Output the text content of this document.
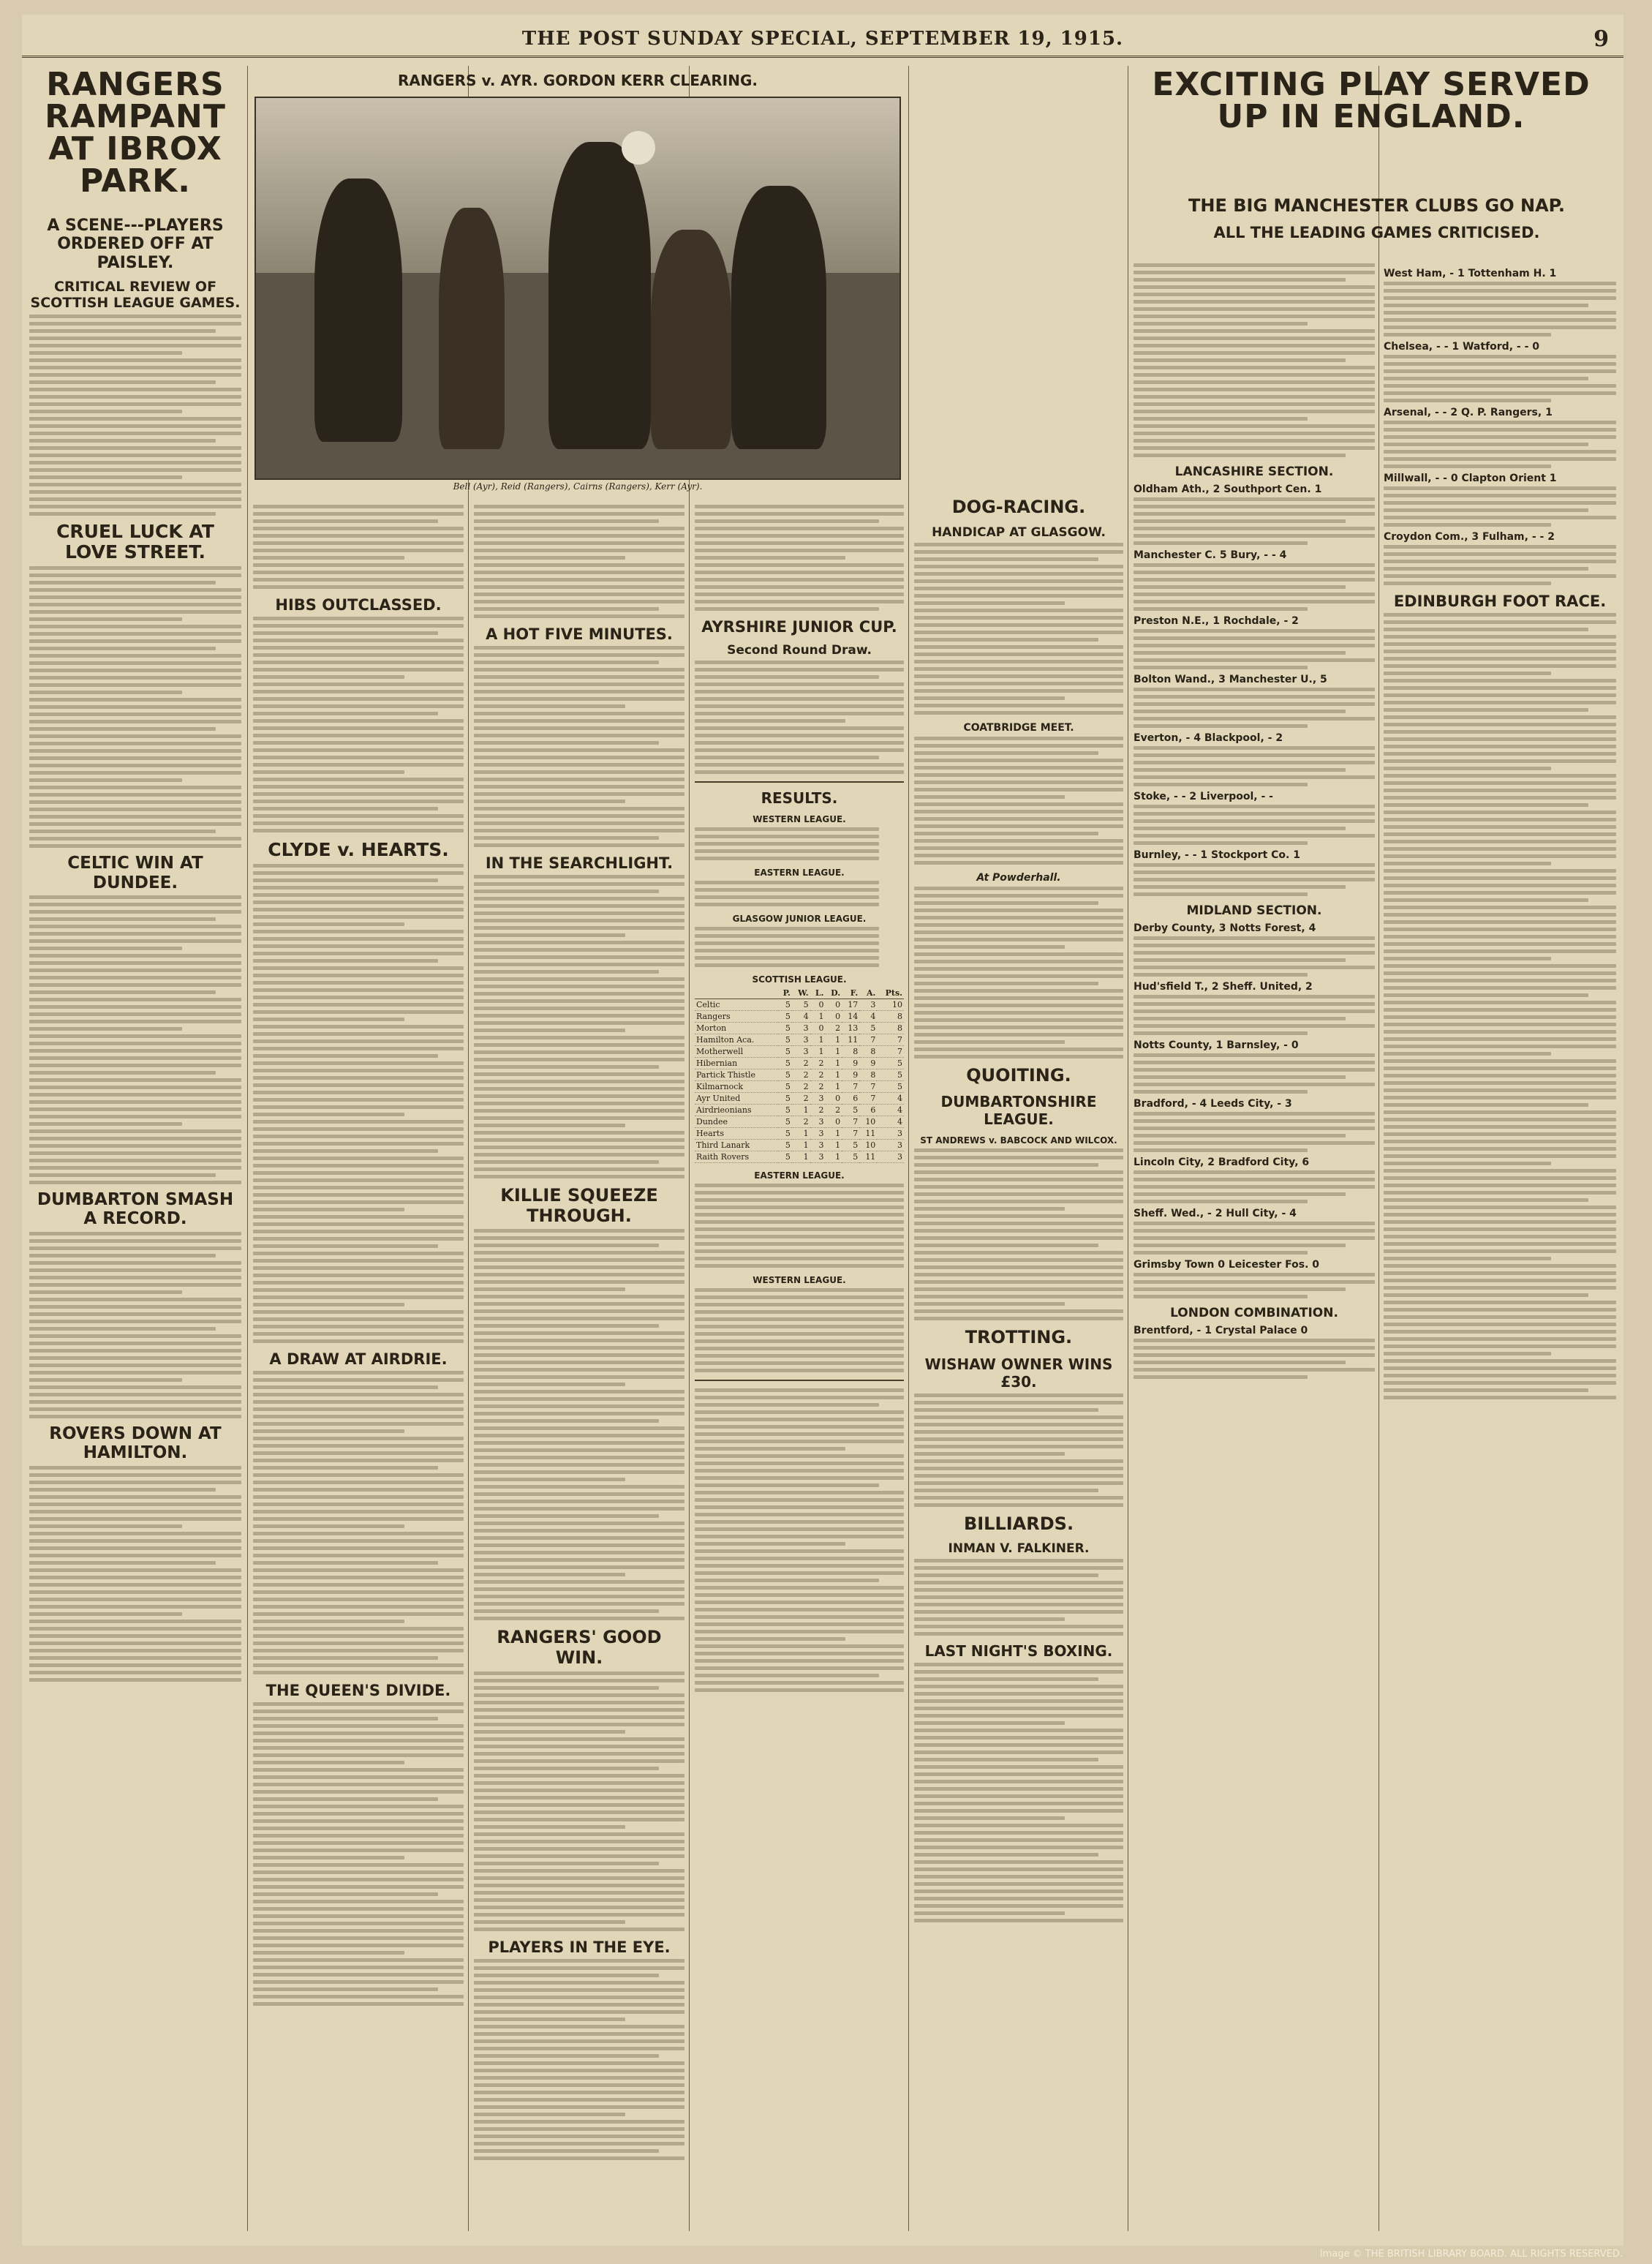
THE POST SUNDAY SPECIAL, SEPTEMBER 19, 1915.	9
RANGERS RAMPANT AT IBROX PARK.
A SCENE---PLAYERS ORDERED OFF AT PAISLEY.
CRITICAL REVIEW OF SCOTTISH LEAGUE GAMES.
CRUEL LUCK AT LOVE STREET.
CELTIC WIN AT DUNDEE.
DUMBARTON SMASH A RECORD.
ROVERS DOWN AT HAMILTON.
RANGERS v. AYR. GORDON KERR CLEARING.
Bell (Ayr), Reid (Rangers), Cairns (Rangers), Kerr (Ayr).
HIBS OUTCLASSED.
CLYDE v. HEARTS.
A DRAW AT AIRDRIE.
THE QUEEN'S DIVIDE.
A HOT FIVE MINUTES.
IN THE SEARCHLIGHT.
KILLIE SQUEEZE THROUGH.
RANGERS' GOOD WIN.
PLAYERS IN THE EYE.
AYRSHIRE JUNIOR CUP.
Second Round Draw.
RESULTS.
WESTERN LEAGUE.
EASTERN LEAGUE.
GLASGOW JUNIOR LEAGUE.
SCOTTISH LEAGUE.
	P.	W.	L.	D.	F.	A.	Pts.
Celtic	5	5	0	0	17	3	10
Rangers	5	4	1	0	14	4	8
Morton	5	3	0	2	13	5	8
Hamilton Aca.	5	3	1	1	11	7	7
Motherwell	5	3	1	1	8	8	7
Hibernian	5	2	2	1	9	9	5
Partick Thistle	5	2	2	1	9	8	5
Kilmarnock	5	2	2	1	7	7	5
Ayr United	5	2	3	0	6	7	4
Airdrieonians	5	1	2	2	5	6	4
Dundee	5	2	3	0	7	10	4
Hearts	5	1	3	1	7	11	3
Third Lanark	5	1	3	1	5	10	3
Raith Rovers	5	1	3	1	5	11	3
EASTERN LEAGUE.
WESTERN LEAGUE.
DOG-RACING.
HANDICAP AT GLASGOW.
COATBRIDGE MEET.
At Powderhall.
QUOITING.
DUMBARTONSHIRE LEAGUE.
ST ANDREWS v. BABCOCK AND WILCOX.
TROTTING.
WISHAW OWNER WINS £30.
BILLIARDS.
INMAN V. FALKINER.
LAST NIGHT'S BOXING.
EXCITING PLAY SERVED UP IN ENGLAND.
THE BIG MANCHESTER CLUBS GO NAP.
ALL THE LEADING GAMES CRITICISED.
LANCASHIRE SECTION.
Oldham Ath., 2 Southport Cen. 1
Manchester C. 5 Bury, - - 4
Preston N.E., 1 Rochdale, - 2
Bolton Wand., 3 Manchester U., 5
Everton, - 4 Blackpool, - 2
Stoke, - - 2 Liverpool, - -
Burnley, - - 1 Stockport Co. 1
MIDLAND SECTION.
Derby County, 3 Notts Forest, 4
Hud'sfield T., 2 Sheff. United, 2
Notts County, 1 Barnsley, - 0
Bradford, - 4 Leeds City, - 3
Lincoln City, 2 Bradford City, 6
Sheff. Wed., - 2 Hull City, - 4
Grimsby Town 0 Leicester Fos. 0
LONDON COMBINATION.
Brentford, - 1 Crystal Palace 0
West Ham, - 1 Tottenham H. 1
Chelsea, - - 1 Watford, - - 0
Arsenal, - - 2 Q. P. Rangers, 1
Millwall, - - 0 Clapton Orient 1
Croydon Com., 3 Fulham, - - 2
EDINBURGH FOOT RACE.
Image © THE BRITISH LIBRARY BOARD. ALL RIGHTS RESERVED.
